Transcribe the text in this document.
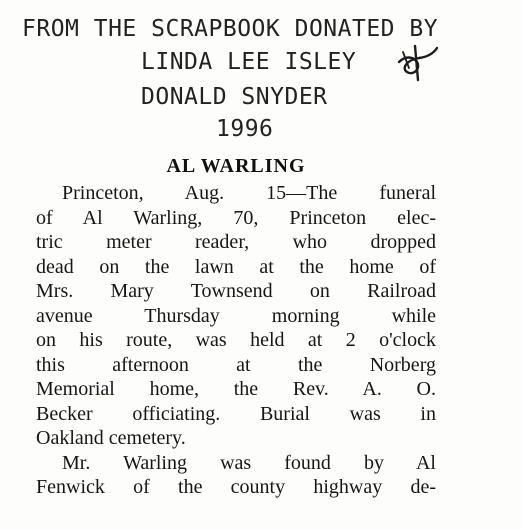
FROM THE SCRAPBOOK DONATED BY
LINDA LEE ISLEY
DONALD SNYDER
1996
AL WARLING

Princeton, Aug. 15—The funeral
of Al Warling, 70, Princeton elec-
tric meter reader, who dropped
dead on the lawn at the home of
Mrs. Mary Townsend on Railroad
avenue Thursday morning while
on his route, was held at 2 o'clock
this afternoon at the Norberg
Memorial home, the Rev. A. O.
Becker officiating. Burial was in
Oakland cemetery.

Mr. Warling was found by Al
Fenwick of the county highway de-
